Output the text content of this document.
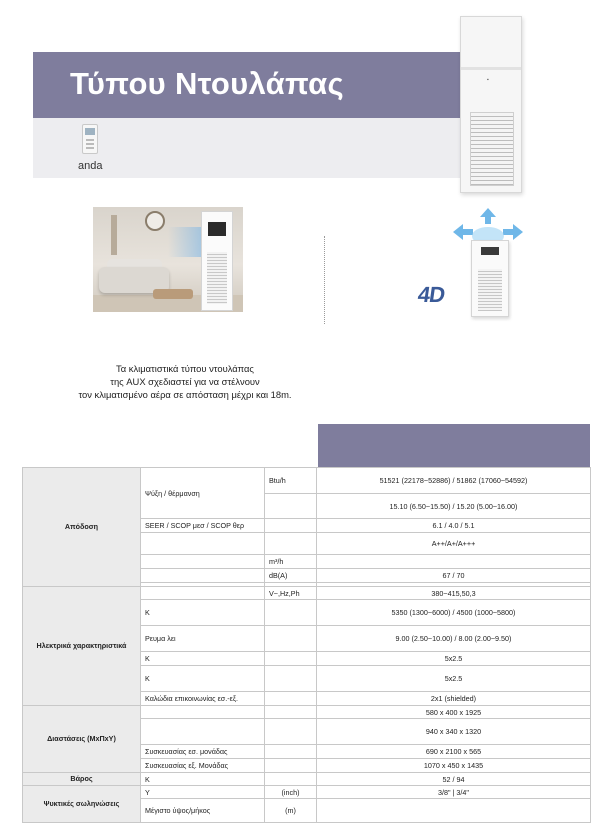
Τύπου Ντουλάπας
anda
▪
4D
Τα κλιματιστικά τύπου ντουλάπας
της AUX σχεδιαστεί για να στέλνουν
τον κλιματισμένο αέρα σε απόσταση μέχρι και 18m.
Απόδοση	Ψύξη / θέρμανση	Btu/h	51521 (22178~52886) / 51862 (17060~54592)
			15.10 (6.50~15.50) / 15.20 (5.00~16.00)
	SEER / SCOP μεσ / SCOP θερ		6.1 / 4.0 / 5.1
			A++/A+/A+++
		m³/h	
		dB(A)	67 / 70

Ηλεκτρικά χαρακτηριστικά		V~,Hz,Ph	380~415,50,3
	K		5350 (1300~6000) / 4500 (1000~5800)
	Ρευμα λει		9.00 (2.50~10.00) / 8.00 (2.00~9.50)
	K		5x2.5
	K		5x2.5
	Καλώδια επικοινωνίας εσ.-εξ.		2x1 (shielded)
Διαστάσεις (ΜxΠxΥ)			580 x 400 x 1925
			940 x 340 x 1320
	Συσκευασίας εσ. μονάδας		690 x 2100 x 565
	Συσκευασίας εξ. Μονάδας		1070 x 450 x 1435
Βάρος	K		52 / 94
Ψυκτικές σωληνώσεις	Y	(inch)	3/8" | 3/4"
	Μέγιστο ύψος/μήκος	(m)	
